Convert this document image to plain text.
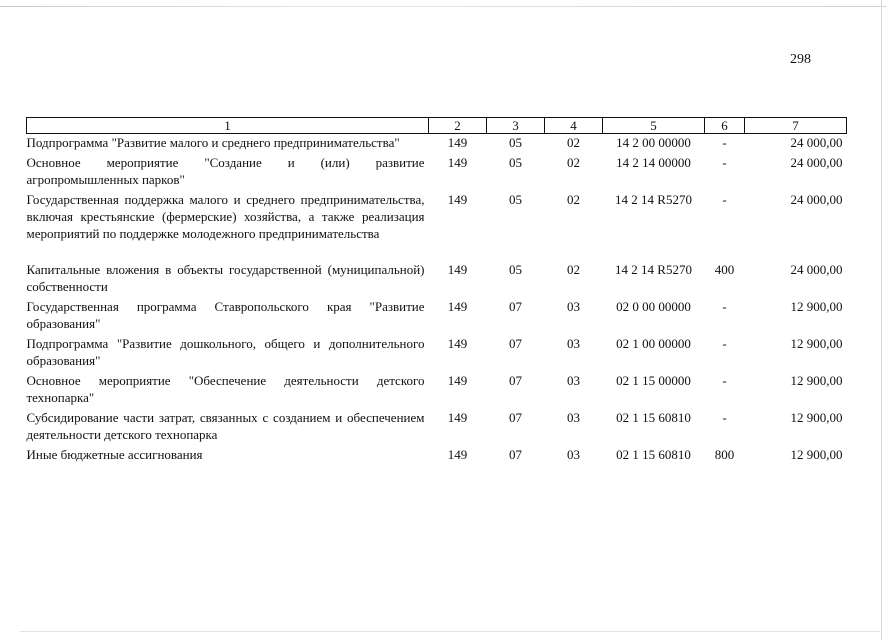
298
1	2	3	4	5	6	7
Подпрограмма "Развитие малого и среднего предпринимательства"	149	05	02	14 2 00 00000	-	24 000,00
Основное мероприятие "Создание и (или) развитие агропромышленных парков"	149	05	02	14 2 14 00000	-	24 000,00
Государственная поддержка малого и среднего предпринимательства, включая крестьянские (фермерские) хозяйства, а также реализация мероприятий по поддержке молодежного предпринимательства	149	05	02	14 2 14 R5270	-	24 000,00
Капитальные вложения в объекты государственной (муниципальной) собственности	149	05	02	14 2 14 R5270	400	24 000,00
Государственная программа Ставропольского края "Развитие образования"	149	07	03	02 0 00 00000	-	12 900,00
Подпрограмма "Развитие дошкольного, общего и дополнительного образования"	149	07	03	02 1 00 00000	-	12 900,00
Основное мероприятие "Обеспечение деятельности детского технопарка"	149	07	03	02 1 15 00000	-	12 900,00
Субсидирование части затрат, связанных с созданием и обеспечением деятельности детского технопарка	149	07	03	02 1 15 60810	-	12 900,00
Иные бюджетные ассигнования	149	07	03	02 1 15 60810	800	12 900,00
